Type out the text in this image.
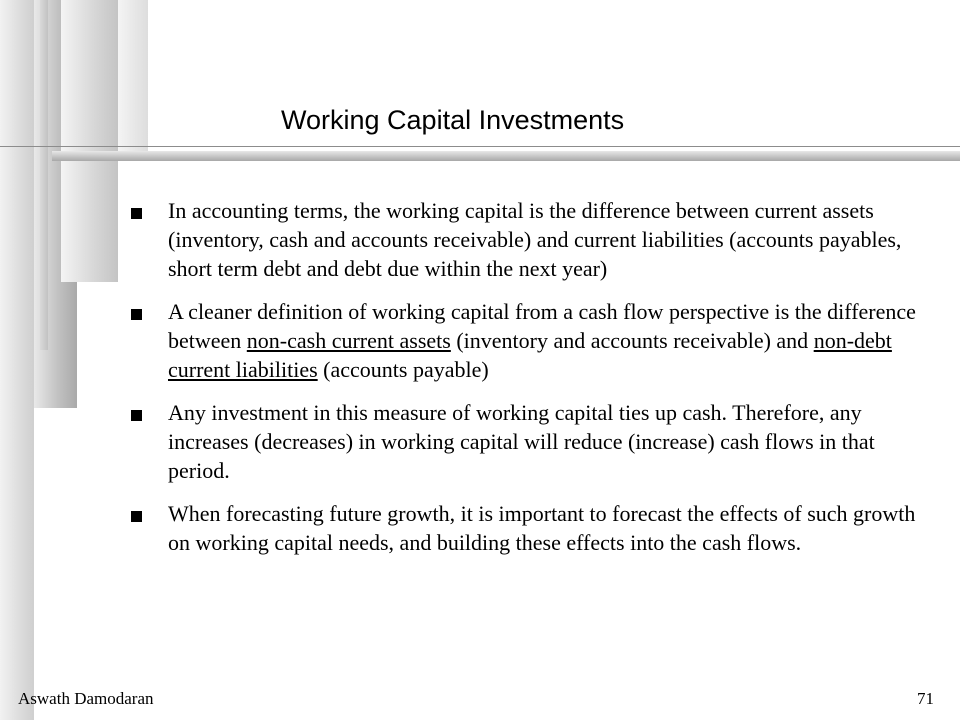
Working Capital Investments
In accounting terms, the working capital is the difference between current assets (inventory, cash and accounts receivable) and current liabilities (accounts payables, short term debt and debt due within the next year)
A cleaner definition of working capital from a cash flow perspective is the difference between non-cash current assets (inventory and accounts receivable) and non-debt current liabilities (accounts payable)
Any investment in this measure of working capital ties up cash. Therefore, any increases (decreases) in working capital will reduce (increase) cash flows in that period.
When forecasting future growth, it is important to forecast the effects of such growth on working capital needs, and building these effects into the cash flows.
Aswath Damodaran	71
